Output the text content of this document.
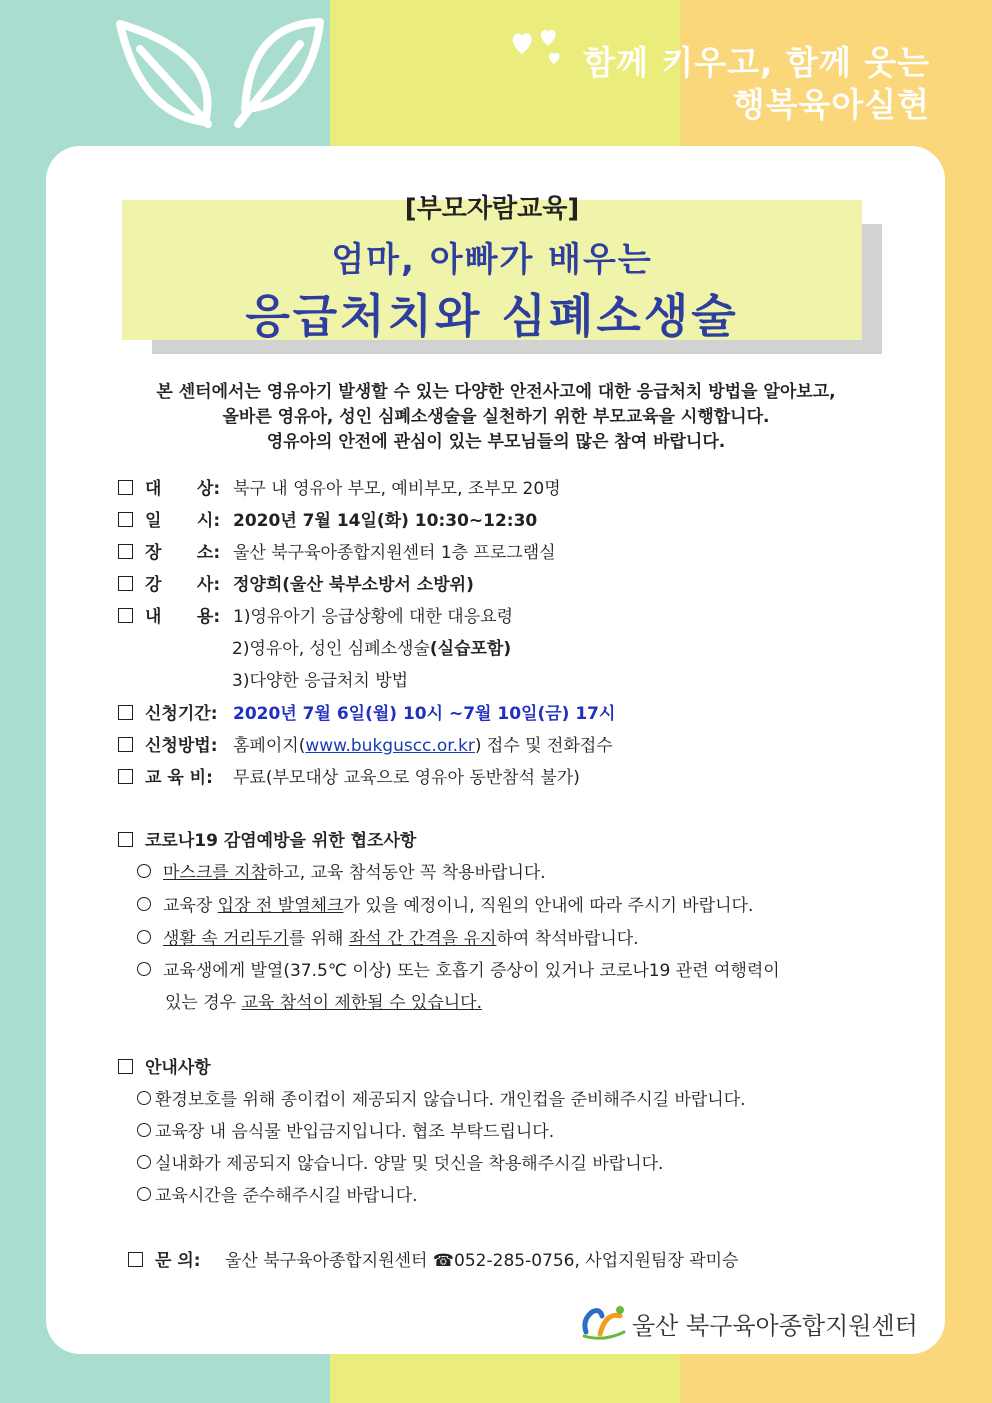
함께 키우고, 함께 웃는
행복육아실현
[부모자람교육]
엄마, 아빠가 배우는
응급처치와 심폐소생술
본 센터에서는 영유아기 발생할 수 있는 다양한 안전사고에 대한 응급처치 방법을 알아보고,
올바른 영유아, 성인 심폐소생술을 실천하기 위한 부모교육을 시행합니다.
영유아의 안전에 관심이 있는 부모님들의 많은 참여 바랍니다.
대      상: 북구 내 영유아 부모, 예비부모, 조부모 20명
일      시: 2020년 7월 14일(화) 10:30~12:30
장      소: 울산 북구육아종합지원센터 1층 프로그램실
강      사: 정양희(울산 북부소방서 소방위)
내      용: 1)영유아기 응급상황에 대한 대응요령
2)영유아, 성인 심폐소생술(실습포함)
3)다양한 응급처치 방법
신청기간: 2020년 7월 6일(월) 10시 ~7월 10일(금) 17시
신청방법: 홈페이지(www.bukguscc.or.kr) 접수 및 전화접수
교 육 비: 무료(부모대상 교육으로 영유아 동반참석 불가)
코로나19 감염예방을 위한 협조사항
마스크를 지참하고, 교육 참석동안 꼭 착용바랍니다.
교육장 입장 전 발열체크가 있을 예정이니, 직원의 안내에 따라 주시기 바랍니다.
생활 속 거리두기를 위해 좌석 간 간격을 유지하여 착석바랍니다.
교육생에게 발열(37.5℃ 이상) 또는 호흡기 증상이 있거나 코로나19 관련 여행력이
있는 경우 교육 참석이 제한될 수 있습니다.
안내사항
환경보호를 위해 종이컵이 제공되지 않습니다. 개인컵을 준비해주시길 바랍니다.
교육장 내 음식물 반입금지입니다. 협조 부탁드립니다.
실내화가 제공되지 않습니다. 양말 및 덧신을 착용해주시길 바랍니다.
교육시간을 준수해주시길 바랍니다.
문 의: 울산 북구육아종합지원센터 ☎052-285-0756, 사업지원팀장 곽미승
울산 북구육아종합지원센터
